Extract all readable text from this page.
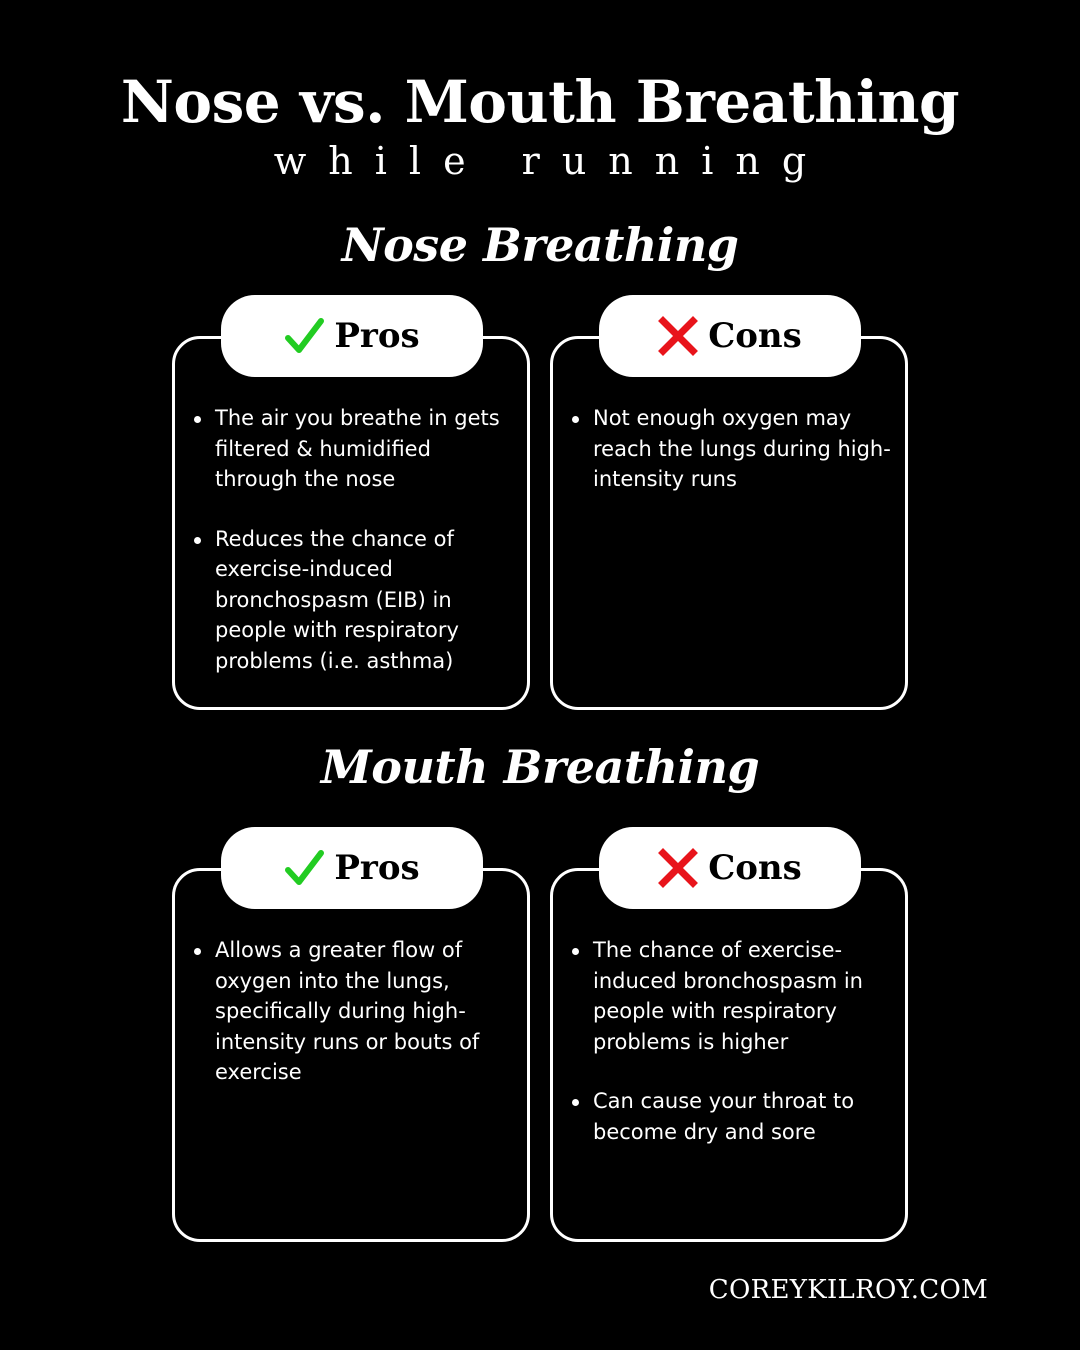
Nose vs. Mouth Breathing

while running

Nose Breathing
Pros
The air you breathe in gets filtered & humidified through the nose
Reduces the chance of exercise-induced bronchospasm (EIB) in people with respiratory problems (i.e. asthma)
Cons
Not enough oxygen may reach the lungs during high-intensity runs
Mouth Breathing
Pros
Allows a greater flow of oxygen into the lungs, specifically during high-intensity runs or bouts of exercise
Cons
The chance of exercise-induced bronchospasm in people with respiratory problems is higher
Can cause your throat to become dry and sore

COREYKILROY.COM
